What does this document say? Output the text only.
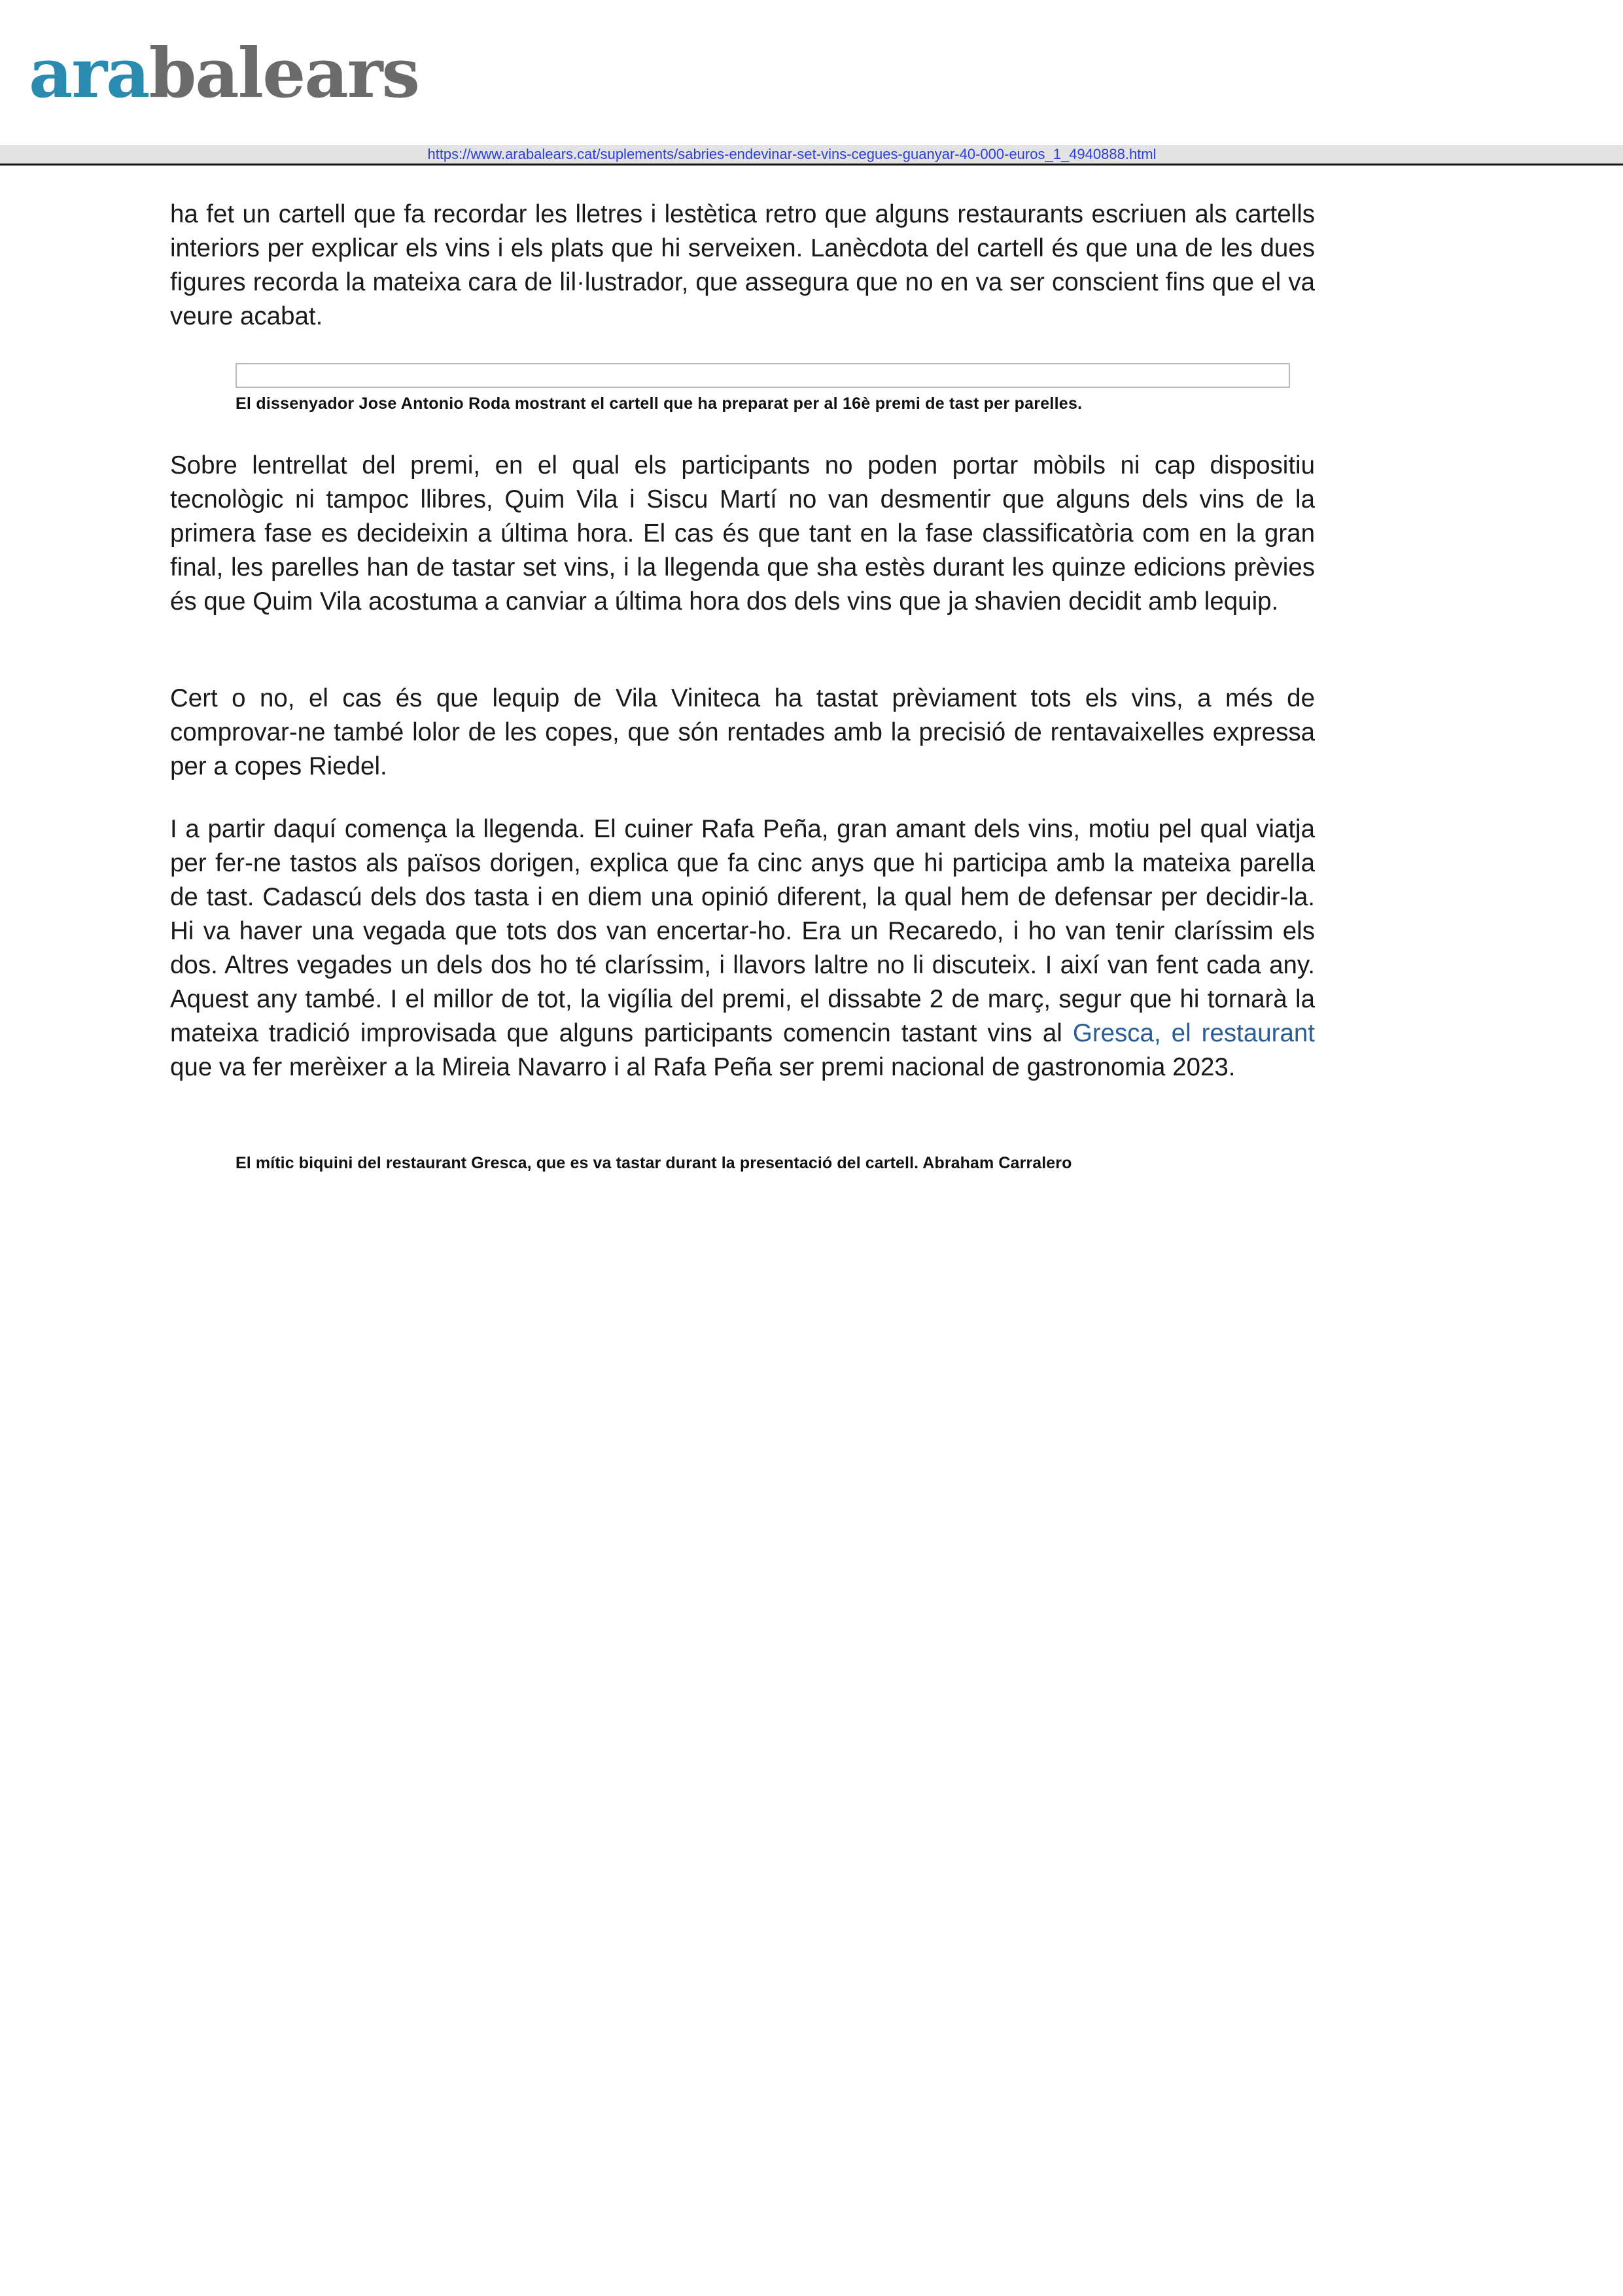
arabalears
https://www.arabalears.cat/suplements/sabries-endevinar-set-vins-cegues-guanyar-40-000-euros_1_4940888.html

ha fet un cartell que fa recordar les lletres i lestètica retro que alguns restaurants escriuen als cartells interiors per explicar els vins i els plats que hi serveixen. Lanècdota del cartell és que una de les dues figures recorda la mateixa cara de lil·lustrador, que assegura que no en va ser conscient fins que el va veure acabat.

El dissenyador Jose Antonio Roda mostrant el cartell que ha preparat per al 16è premi de tast per parelles.

Sobre lentrellat del premi, en el qual els participants no poden portar mòbils ni cap dispositiu tecnològic ni tampoc llibres, Quim Vila i Siscu Martí no van desmentir que alguns dels vins de la primera fase es decideixin a última hora. El cas és que tant en la fase classificatòria com en la gran final, les parelles han de tastar set vins, i la llegenda que sha estès durant les quinze edicions prèvies és que Quim Vila acostuma a canviar a última hora dos dels vins que ja shavien decidit amb lequip.

Cert o no, el cas és que lequip de Vila Viniteca ha tastat prèviament tots els vins, a més de comprovar-ne també lolor de les copes, que són rentades amb la precisió de rentavaixelles expressa per a copes Riedel.

I a partir daquí comença la llegenda. El cuiner Rafa Peña, gran amant dels vins, motiu pel qual viatja per fer-ne tastos als països dorigen, explica que fa cinc anys que hi participa amb la mateixa parella de tast. Cadascú dels dos tasta i en diem una opinió diferent, la qual hem de defensar per decidir-la. Hi va haver una vegada que tots dos van encertar-ho. Era un Recaredo, i ho van tenir claríssim els dos. Altres vegades un dels dos ho té claríssim, i llavors laltre no li discuteix. I així van fent cada any. Aquest any també. I el millor de tot, la vigília del premi, el dissabte 2 de març, segur que hi tornarà la mateixa tradició improvisada que alguns participants comencin tastant vins al Gresca, el restaurant que va fer merèixer a la Mireia Navarro i al Rafa Peña ser premi nacional de gastronomia 2023.

El mític biquini del restaurant Gresca, que es va tastar durant la presentació del cartell. Abraham Carralero
